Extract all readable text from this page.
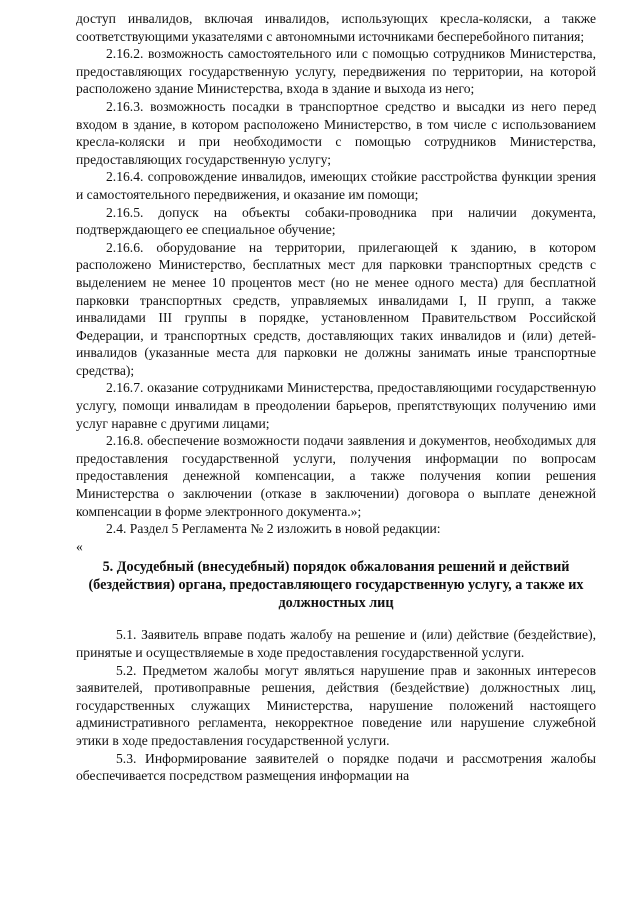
доступ инвалидов, включая инвалидов, использующих кресла-коляски, а также соответствующими указателями с автономными источниками бесперебойного питания;

2.16.2. возможность самостоятельного или с помощью сотрудников Министерства, предоставляющих государственную услугу, передвижения по территории, на которой расположено здание Министерства, входа в здание и выхода из него;

2.16.3. возможность посадки в транспортное средство и высадки из него перед входом в здание, в котором расположено Министерство, в том числе с использованием кресла-коляски и при необходимости с помощью сотрудников Министерства, предоставляющих государственную услугу;

2.16.4. сопровождение инвалидов, имеющих стойкие расстройства функции зрения и самостоятельного передвижения, и оказание им помощи;

2.16.5. допуск на объекты собаки-проводника при наличии документа, подтверждающего ее специальное обучение;

2.16.6. оборудование на территории, прилегающей к зданию, в котором расположено Министерство, бесплатных мест для парковки транспортных средств с выделением не менее 10 процентов мест (но не менее одного места) для бесплатной парковки транспортных средств, управляемых инвалидами I, II групп, а также инвалидами III группы в порядке, установленном Правительством Российской Федерации, и транспортных средств, доставляющих таких инвалидов и (или) детей-инвалидов (указанные места для парковки не должны занимать иные транспортные средства);

2.16.7. оказание сотрудниками Министерства, предоставляющими государственную услугу, помощи инвалидам в преодолении барьеров, препятствующих получению ими услуг наравне с другими лицами;

2.16.8. обеспечение возможности подачи заявления и документов, необходимых для предоставления государственной услуги, получения информации по вопросам предоставления денежной компенсации, а также получения копии решения Министерства о заключении (отказе в заключении) договора о выплате денежной компенсации в форме электронного документа.»;

2.4. Раздел 5 Регламента № 2 изложить в новой редакции:

«

5. Досудебный (внесудебный) порядок обжалования решений и действий (бездействия) органа, предоставляющего государственную услугу, а также их должностных лиц

5.1. Заявитель вправе подать жалобу на решение и (или) действие (бездействие), принятые и осуществляемые в ходе предоставления государственной услуги.

5.2. Предметом жалобы могут являться нарушение прав и законных интересов заявителей, противоправные решения, действия (бездействие) должностных лиц, государственных служащих Министерства, нарушение положений настоящего административного регламента, некорректное поведение или нарушение служебной этики в ходе предоставления государственной услуги.

5.3. Информирование заявителей о порядке подачи и рассмотрения жалобы обеспечивается посредством размещения информации на
